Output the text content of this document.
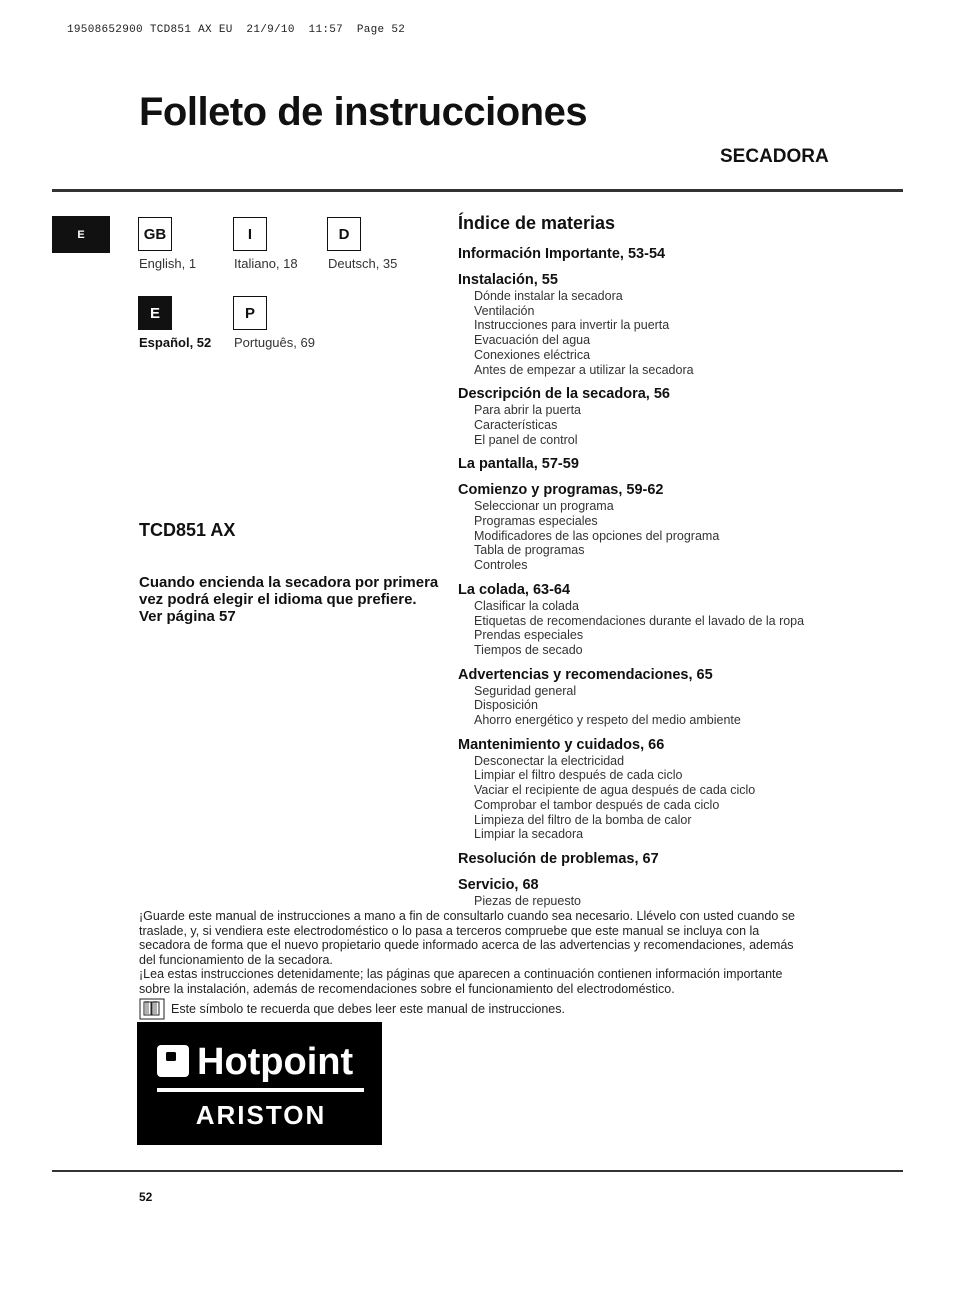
19508652900 TCD851 AX EU  21/9/10  11:57  Page 52
Folleto de instrucciones
SECADORA
E	GB
English, 1
I
Italiano, 18
D
Deutsch, 35
E
Español, 52
P
Português, 69
TCD851 AX
Cuando encienda la secadora por primera vez podrá elegir el idioma que prefiere. Ver página 57
Índice de materias
Información Importante, 53-54
Instalación, 55
Dónde instalar la secadora
Ventilación
Instrucciones para invertir la puerta
Evacuación del agua
Conexiones eléctrica
Antes de empezar a utilizar la secadora
Descripción de la secadora, 56
Para abrir la puerta
Características
El panel de control
La pantalla, 57-59
Comienzo y programas, 59-62
Seleccionar un programa
Programas especiales
Modificadores de las opciones del programa
Tabla de programas
Controles
La colada, 63-64
Clasificar la colada
Etiquetas de recomendaciones durante el lavado de la ropa
Prendas especiales
Tiempos de secado
Advertencias y recomendaciones, 65
Seguridad general
Disposición
Ahorro energético y respeto del medio ambiente
Mantenimiento y cuidados, 66
Desconectar la electricidad
Limpiar el filtro después de cada ciclo
Vaciar el recipiente de agua después de cada ciclo
Comprobar el tambor después de cada ciclo
Limpieza del filtro de la bomba de calor
Limpiar la secadora
Resolución de problemas, 67
Servicio, 68
Piezas de repuesto
¡Guarde este manual de instrucciones a mano a fin de consultarlo cuando sea necesario. Llévelo con usted cuando se traslade, y, si vendiera este electrodoméstico o lo pasa a terceros compruebe que este manual se incluya con la secadora de forma que el nuevo propietario quede informado acerca de las advertencias y recomendaciones, además del funcionamiento de la secadora.
¡Lea estas instrucciones detenidamente; las páginas que aparecen a continuación contienen información importante sobre la instalación, además de recomendaciones sobre el funcionamiento del electrodoméstico.
Este símbolo te recuerda que debes leer este manual de instrucciones.
Hotpoint
ARISTON
52
